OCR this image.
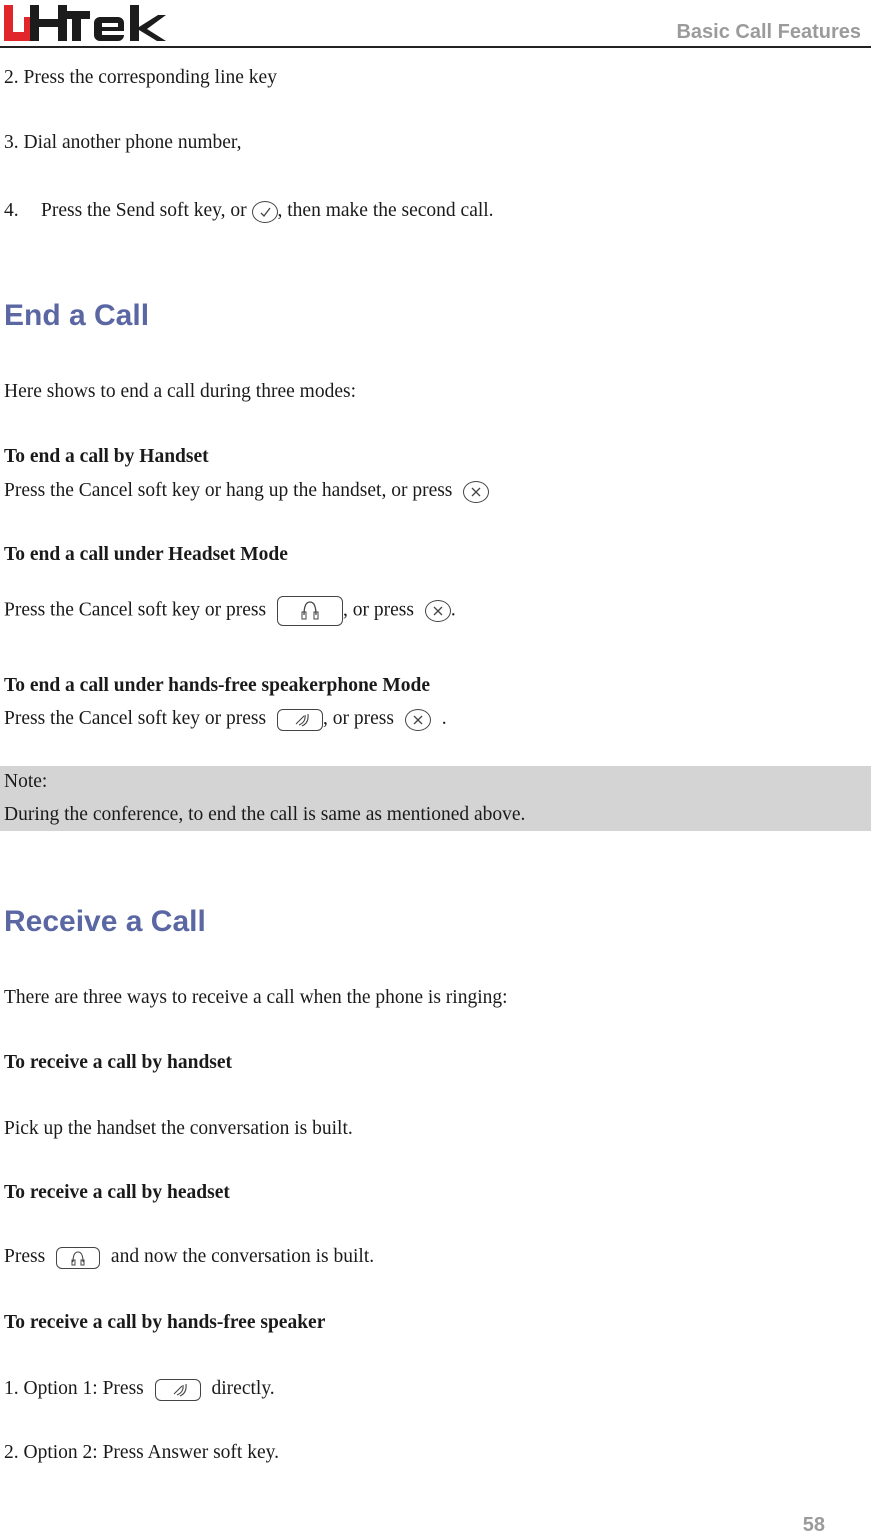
Basic Call Features
2. Press the corresponding line key
3. Dial another phone number,
4. Press the Send soft key, or , then make the second call.
End a Call
Here shows to end a call during three modes:
To end a call by Handset
Press the Cancel soft key or hang up the handset, or press
To end a call under Headset Mode
Press the Cancel soft key or press	, or press .
To end a call under hands-free speakerphone Mode
Press the Cancel soft key or press	, or press .
Note:
During the conference, to end the call is same as mentioned above.
Receive a Call
There are three ways to receive a call when the phone is ringing:
To receive a call by handset
Pick up the handset the conversation is built.
To receive a call by headset
Press	and now the conversation is built.
To receive a call by hands-free speaker
1. Option 1: Press	directly.
2. Option 2: Press Answer soft key.
58
